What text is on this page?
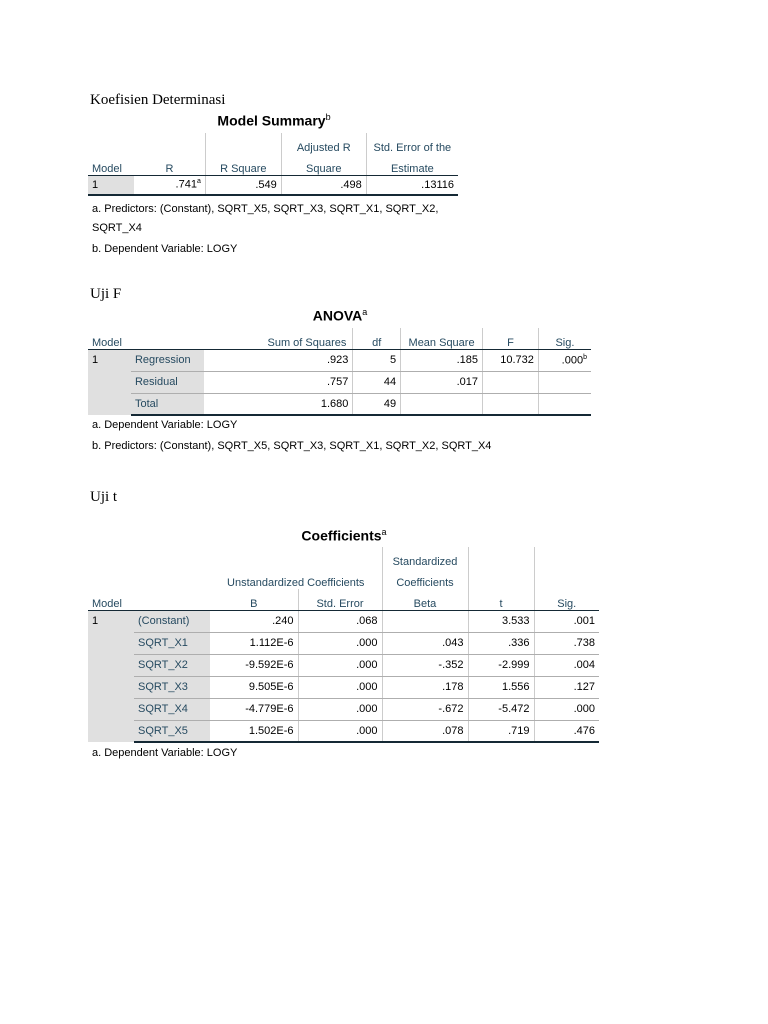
Koefisien Determinasi
Model Summary$^b$
			Adjusted R	Std. Error of the
Model	R	R Square	Square	Estimate
1	.741$^a$	.549	.498	.13116
a. Predictors: (Constant), SQRT_X5, SQRT_X3, SQRT_X1, SQRT_X2,
SQRT_X4
b. Dependent Variable: LOGY
Uji F
ANOVA$^a$
Model		Sum of Squares	df	Mean Square	F	Sig.
1	Regression	.923	5	.185	10.732	.000$^b$
	Residual	.757	44	.017		
	Total	1.680	49			
a. Dependent Variable: LOGY
b. Predictors: (Constant), SQRT_X5, SQRT_X3, SQRT_X1, SQRT_X2, SQRT_X4
Uji t
Coefficients$^a$
				Standardized		
		Unstandardized Coefficients		Coefficients		
Model		B	Std. Error	Beta	t	Sig.
1	(Constant)	.240	.068		3.533	.001
	SQRT_X1	1.112E-6	.000	.043	.336	.738
	SQRT_X2	-9.592E-6	.000	-.352	-2.999	.004
	SQRT_X3	9.505E-6	.000	.178	1.556	.127
	SQRT_X4	-4.779E-6	.000	-.672	-5.472	.000
	SQRT_X5	1.502E-6	.000	.078	.719	.476
a. Dependent Variable: LOGY
